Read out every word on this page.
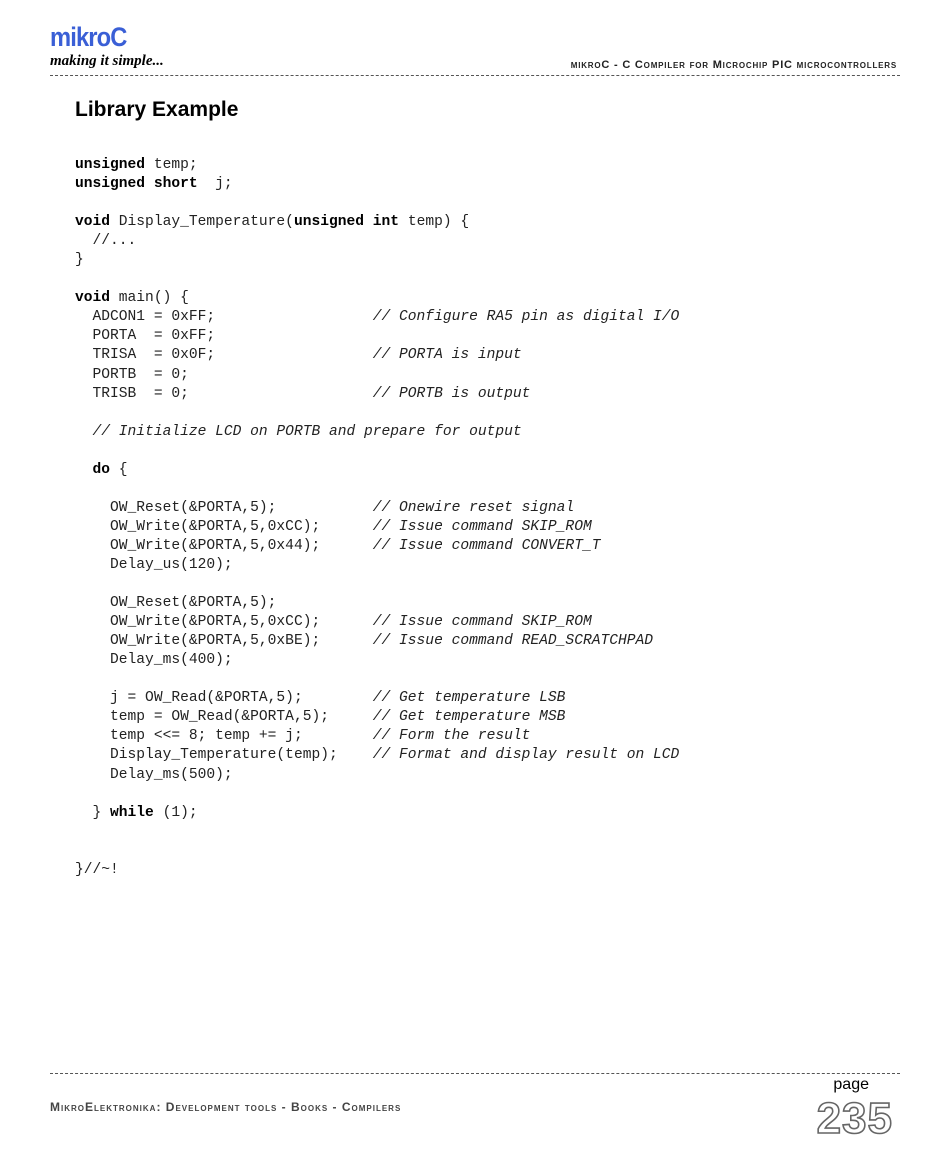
mikroC
making it simple...	mikroC - C Compiler for Microchip PIC microcontrollers
Library Example
unsigned temp;
unsigned short  j;

void Display_Temperature(unsigned int temp) {
//...
}

void main() {
ADCON1 = 0xFF;                  // Configure RA5 pin as digital I/O
PORTA  = 0xFF;
TRISA  = 0x0F;                  // PORTA is input
PORTB  = 0;
TRISB  = 0;                     // PORTB is output

// Initialize LCD on PORTB and prepare for output

do {

OW_Reset(&PORTA,5);           // Onewire reset signal
OW_Write(&PORTA,5,0xCC);      // Issue command SKIP_ROM
OW_Write(&PORTA,5,0x44);      // Issue command CONVERT_T
Delay_us(120);

OW_Reset(&PORTA,5);
OW_Write(&PORTA,5,0xCC);      // Issue command SKIP_ROM
OW_Write(&PORTA,5,0xBE);      // Issue command READ_SCRATCHPAD
Delay_ms(400);

j = OW_Read(&PORTA,5);        // Get temperature LSB
temp = OW_Read(&PORTA,5);     // Get temperature MSB
temp <<= 8; temp += j;        // Form the result
Display_Temperature(temp);    // Format and display result on LCD
Delay_ms(500);

} while (1);

}//~!
page
235
MikroElektronika: Development tools - Books - Compilers
